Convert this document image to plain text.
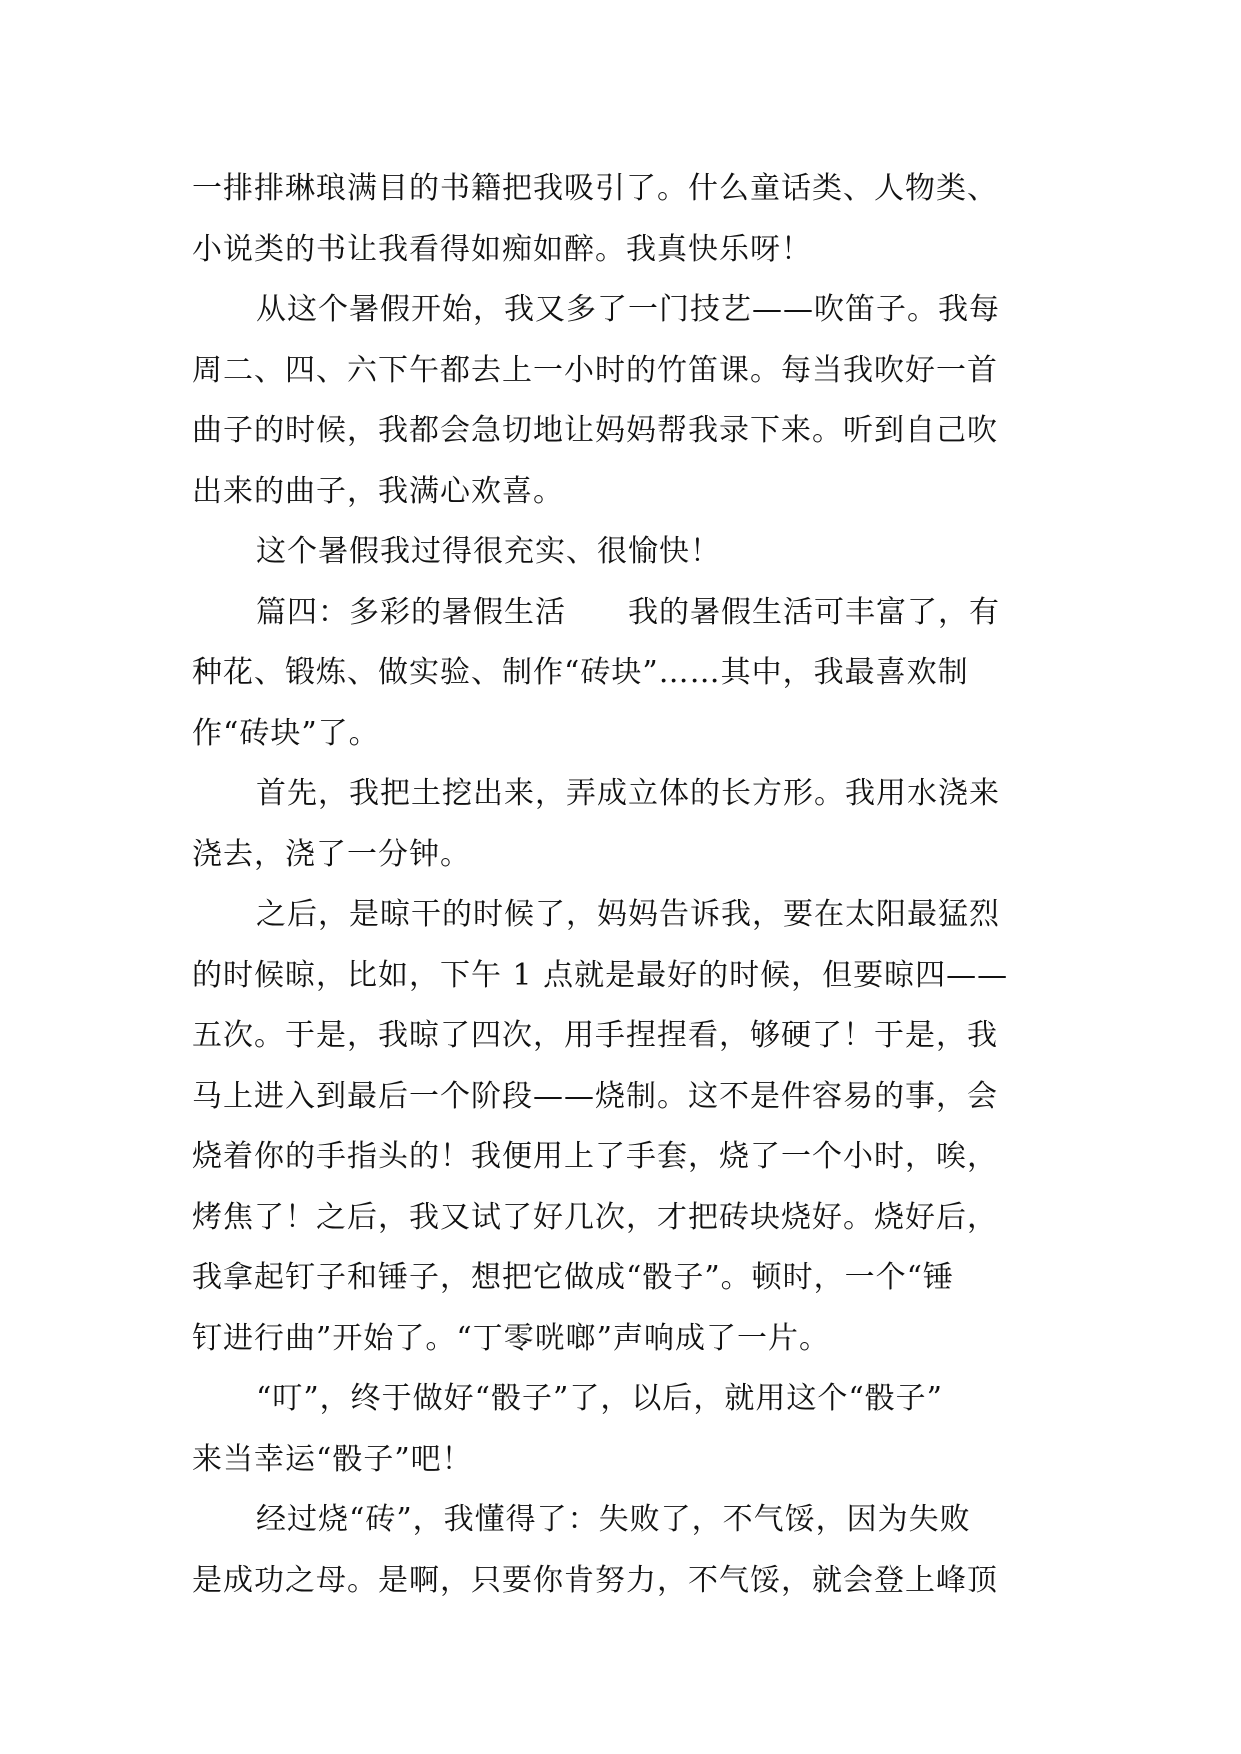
一排排琳琅满目的书籍把我吸引了。什么童话类、人物类、
小说类的书让我看得如痴如醉。我真快乐呀！
从这个暑假开始，我又多了一门技艺——吹笛子。我每
周二、四、六下午都去上一小时的竹笛课。每当我吹好一首
曲子的时候，我都会急切地让妈妈帮我录下来。听到自己吹
出来的曲子，我满心欢喜。
这个暑假我过得很充实、很愉快！
篇四：多彩的暑假生活　　我的暑假生活可丰富了，有
种花、锻炼、做实验、制作“砖块”……其中，我最喜欢制
作“砖块”了。
首先，我把土挖出来，弄成立体的长方形。我用水浇来
浇去，浇了一分钟。
之后，是晾干的时候了，妈妈告诉我，要在太阳最猛烈
的时候晾，比如，下午 1 点就是最好的时候，但要晾四——
五次。于是，我晾了四次，用手捏捏看，够硬了！于是，我
马上进入到最后一个阶段——烧制。这不是件容易的事，会
烧着你的手指头的！我便用上了手套，烧了一个小时，唉，
烤焦了！之后，我又试了好几次，才把砖块烧好。烧好后，
我拿起钉子和锤子，想把它做成“骰子”。顿时，一个“锤
钉进行曲”开始了。“丁零咣啷”声响成了一片。
“叮”，终于做好“骰子”了，以后，就用这个“骰子”
来当幸运“骰子”吧！
经过烧“砖”，我懂得了：失败了，不气馁，因为失败
是成功之母。是啊，只要你肯努力，不气馁，就会登上峰顶
